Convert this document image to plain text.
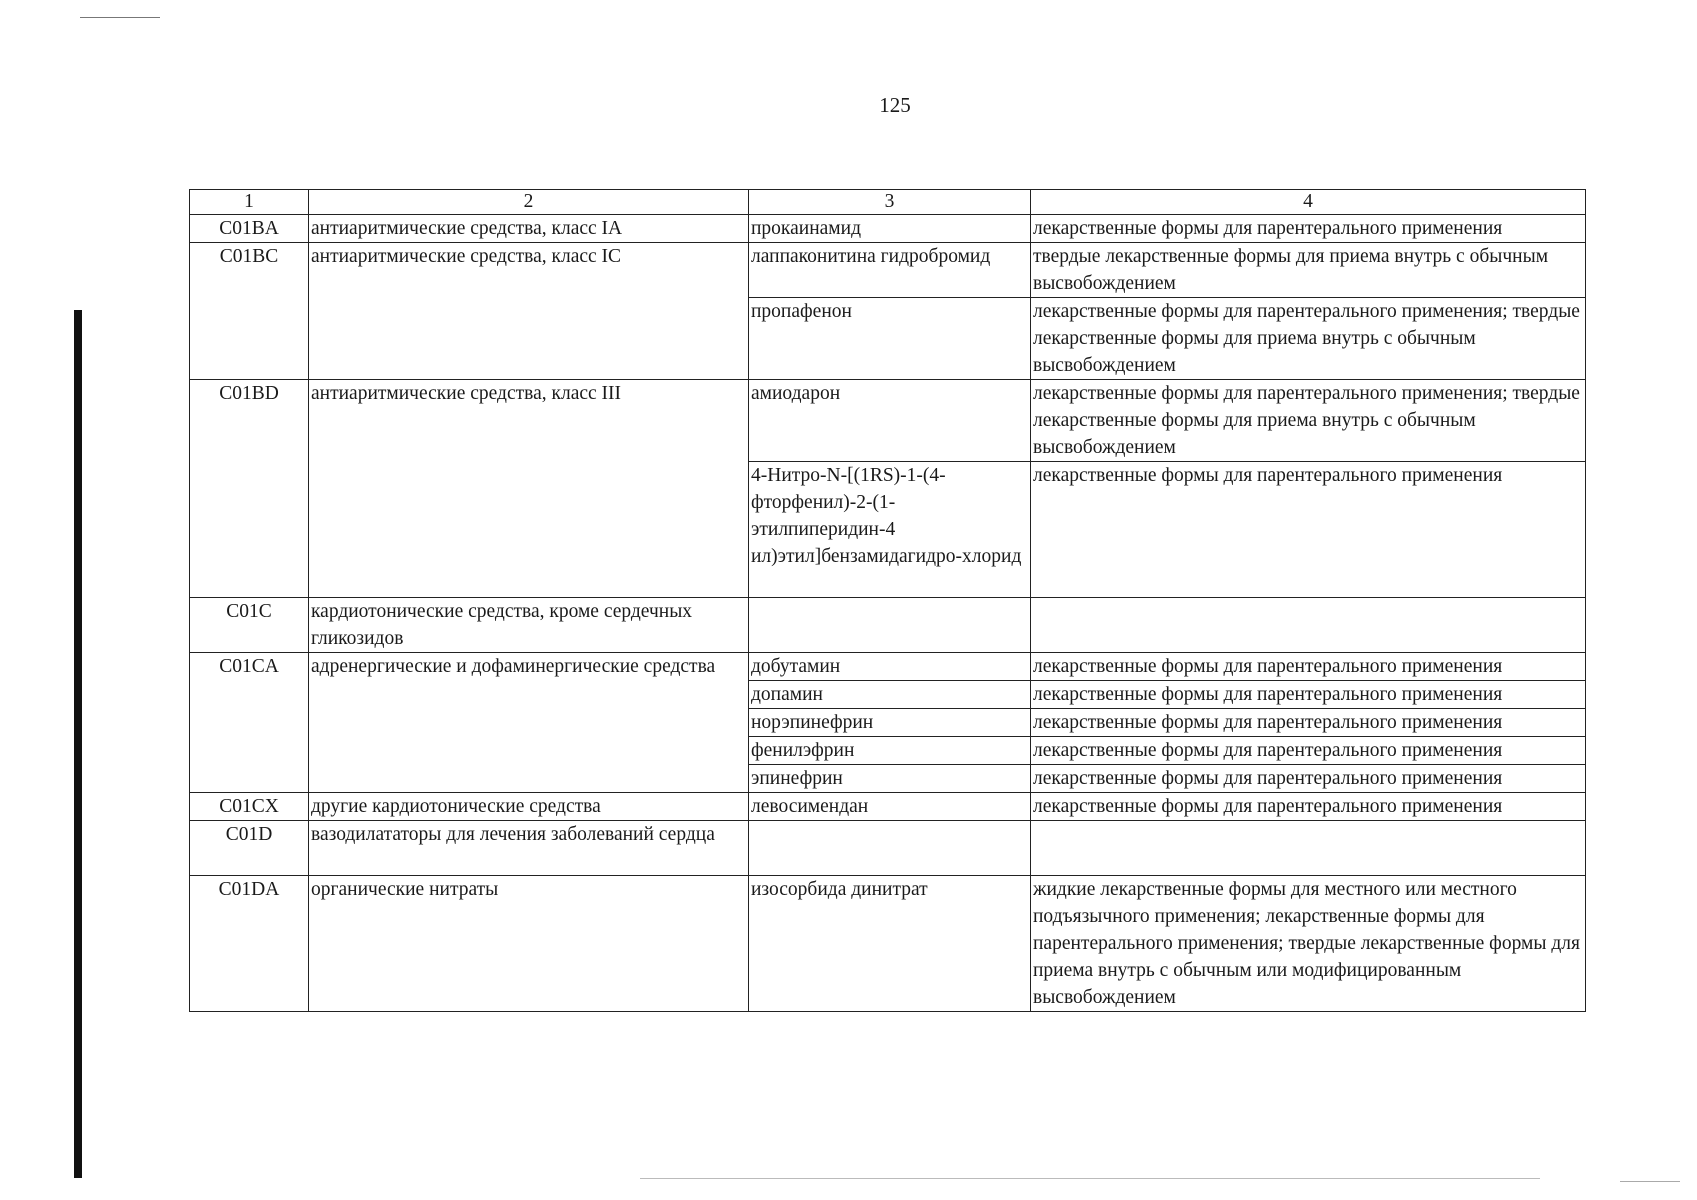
125
1	2	3	4
C01BA	антиаритмические средства, класс IA	прокаинамид	лекарственные формы для парентерального применения
C01BC	антиаритмические средства, класс IC	лаппаконитина гидробромид	твердые лекарственные формы для приема внутрь с обычным высвобождением
		пропафенон	лекарственные формы для парентерального применения; твердые лекарственные формы для приема внутрь с обычным высвобождением
C01BD	антиаритмические средства, класс III	амиодарон	лекарственные формы для парентерального применения; твердые лекарственные формы для приема внутрь с обычным высвобождением
		4-Нитро-N-[(1RS)-1-(4-фторфенил)-2-(1-этилпиперидин-4 ил)этил]бензамидагидро-хлорид	лекарственные формы для парентерального применения
C01C	кардиотонические средства, кроме сердечных гликозидов		
C01CA	адренергические и дофаминергические средства	добутамин	лекарственные формы для парентерального применения
		допамин	лекарственные формы для парентерального применения
		норэпинефрин	лекарственные формы для парентерального применения
		фенилэфрин	лекарственные формы для парентерального применения
		эпинефрин	лекарственные формы для парентерального применения
C01CX	другие кардиотонические средства	левосимендан	лекарственные формы для парентерального применения
C01D	вазодилататоры для лечения заболеваний сердца		
C01DA	органические нитраты	изосорбида динитрат	жидкие лекарственные формы для местного или местного подъязычного применения; лекарственные формы для парентерального применения; твердые лекарственные формы для приема внутрь с обычным или модифицированным высвобождением
